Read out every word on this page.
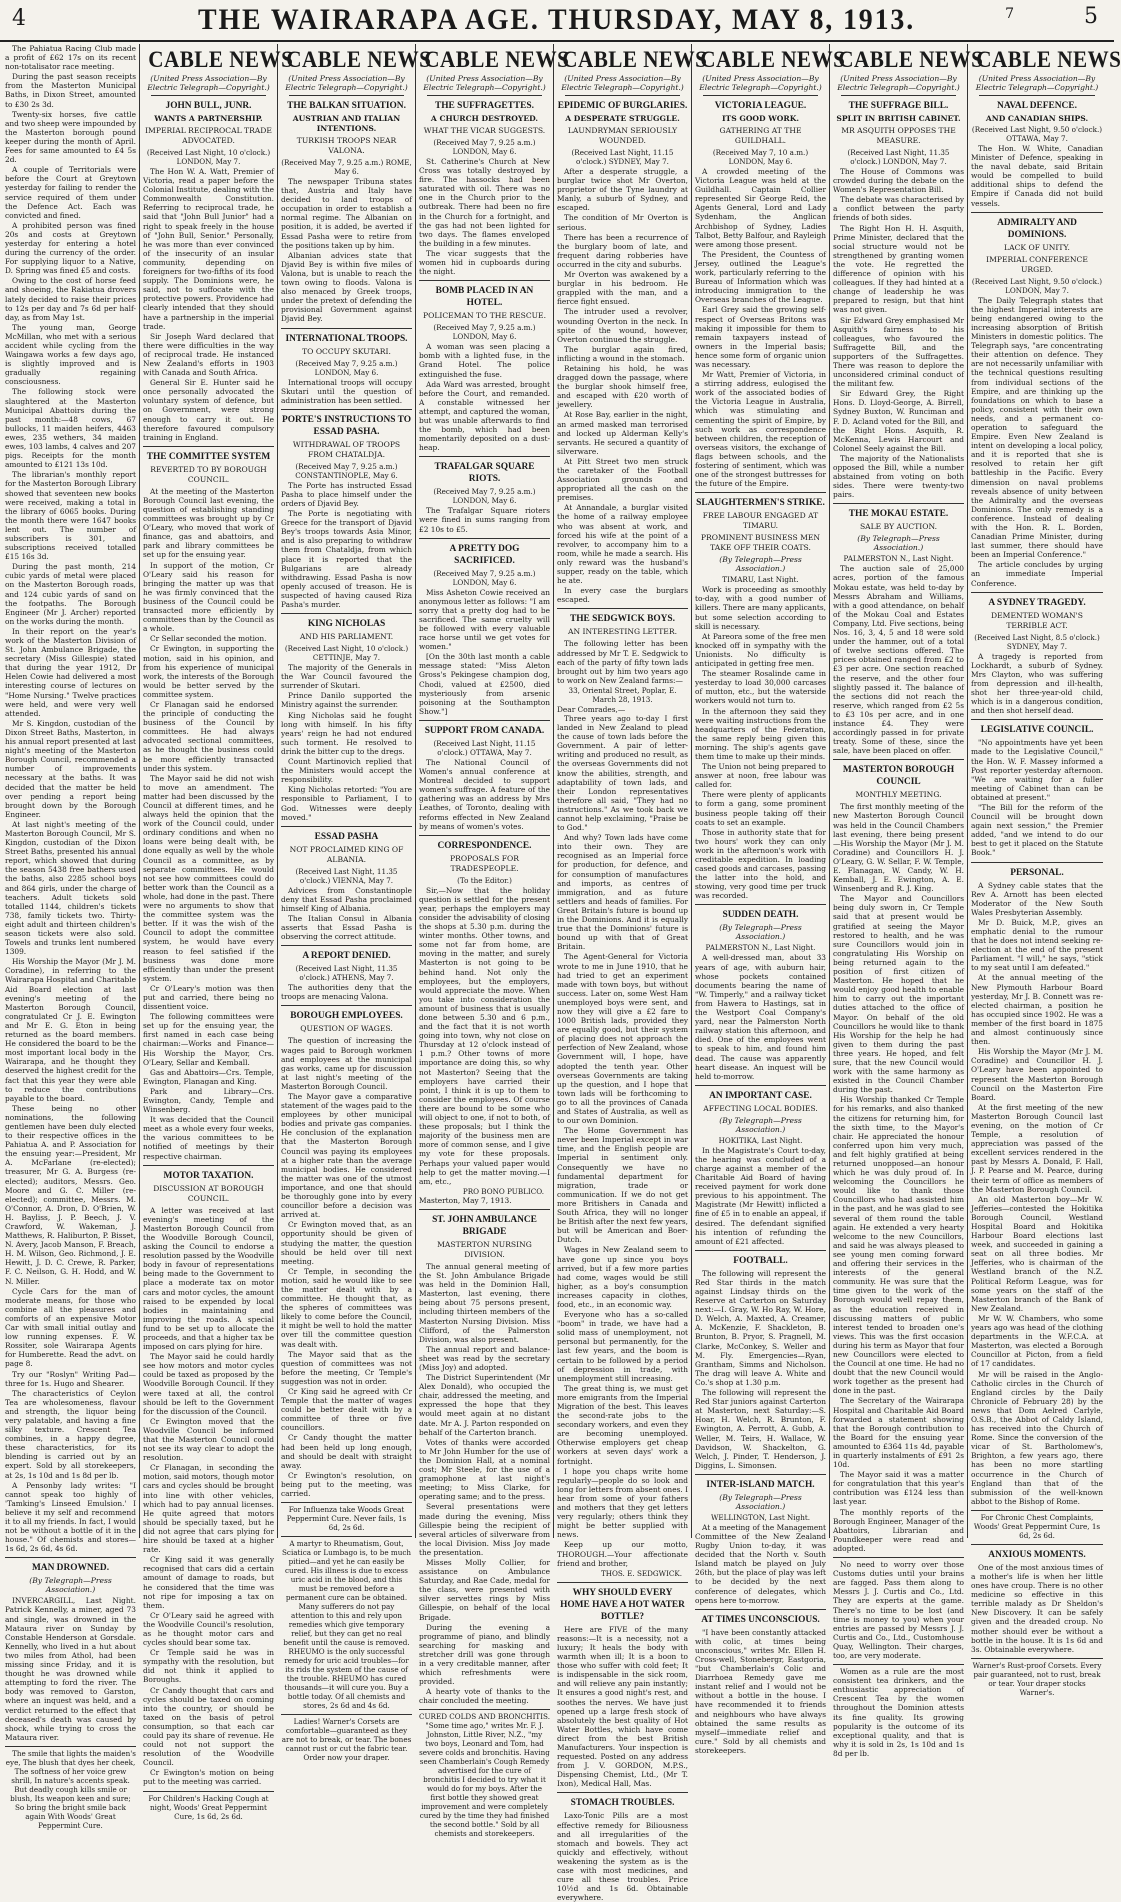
4	THE WAIRARAPA AGE. THURSDAY, MAY 8, 1913.	7	5

The Pahiatua Racing Club made a profit of £62 17s on its recent non-totalisator race meeting.

During the past season receipts from the Masterton Municipal Baths, in Dixon Street, amounted to £30 2s 3d.

Twenty-six horses, five cattle and two sheep were impounded by the Masterton borough pound keeper during the month of April. Fees for same amounted to £4 5s 2d.

A couple of Territorials were before the Court at Greytown yesterday for failing to render the service required of them under the Defence Act. Each was convicted and fined.

A prohibited person was fined 20s and costs at Greytown yesterday for entering a hotel during the currency of the order. For supplying liquor to a Native, D. Spring was fined £5 and costs.

Owing to the cost of horse feed and shoeing, the Rakiatua drovers lately decided to raise their prices to 12s per day and 7s 6d per half-day, as from May 1st.

The young man, George McMillan, who met with a serious accident while cycling from the Waingawa works a few days ago, is slightly improved and is gradually regaining consciousness.

The following stock were slaughtered at the Masterton Municipal Abattoirs during the past month:—48 cows, 67 bullocks, 11 maiden heifers, 4463 ewes, 235 wethers, 34 maiden ewes, 103 lambs, 4 calves and 207 pigs. Receipts for the month amounted to £121 13s 10d.

The librarian's monthly report for the Masterton Borough Library showed that seventeen new books were received, making a total in the library of 6065 books. During the month there were 1647 books lent out. The number of subscribers is 301, and subscriptions received totalled £15 16s 3d.

During the past month, 214 cubic yards of metal were placed on the Masterton Borough roads, and 124 cubic yards of sand on the footpaths. The Borough Engineer (Mr J. Archer) reported on the works during the month.

In their report on the year's work of the Masterton Division of St. John Ambulance Brigade, the secretary (Miss Gillespie) stated that during the year 1912, Dr Helen Cowie had delivered a most interesting course of lectures on "Home Nursing." Twelve practices were held, and were very well attended.

Mr S. Kingdon, custodian of the Dixon Street Baths, Masterton, in his annual report presented at last night's meeting of the Masterton Borough Council, recommended a number of improvements necessary at the baths. It was decided that the matter be held over pending a report being brought down by the Borough Engineer.

At last night's meeting of the Masterton Borough Council, Mr S. Kingdon, custodian of the Dixon Street Baths, presented his annual report, which showed that during the season 5438 free bathers used the baths, also 2285 school boys and 864 girls, under the charge of teachers. Adult tickets sold totalled 1144, children's tickets 738, family tickets two. Thirty-eight adult and thirteen children's season tickets were also sold. Towels and trunks lent numbered 1309.

His Worship the Mayor (Mr J. M. Coradine), in referring to the Wairarapa Hospital and Charitable Aid Board election at last evening's meeting of the Masterton Borough Council, congratulated Cr J. E. Ewington and Mr E. G. Eton in being returned as the board members. He considered the board to be the most important local body in the Wairarapa, and he thought they deserved the highest credit for the fact that this year they were able to reduce the contributions payable to the board.

These being no other nominations, the following gentlemen have been duly elected to their respective offices in the Pahiatua A. and P. Association for the ensuing year:—President, Mr A. McFarlane (re-elected); treasurer, Mr G. A. Burgess (re-elected); auditors, Messrs. Geo. Moore and G. C. Miller (re-elected); committee, Messrs. M. O'Connor, A. Dron, D. O'Brien, W. H. Bayliss, J. P. Beech, J. V. Crawford, W. Wakeman, J. Matthews, R. Haliburton, P. Bisset, N. Avery, Jacob Manson, F. Breach, H. M. Wilson, Geo. Richmond, J. E. Hewitt, J. D. C. Crewe, R. Parker, F. C. Neilson, G. H. Hodd, and W. N. Miller.

Cycle Cars for the man of moderate means, for those who combine all the pleasures and comforts of an expensive Motor Car with small initial outlay and low running expenses. F. W. Rossiter, sole Wairarapa Agents for Humberette. Read the advt. on page 8.

Try our "Roslyn" Writing Pad—three for 1s. Hugo and Shearer.

The characteristics of Ceylon Tea are wholesomeness, flavour and strength, the liquor being very palatable, and having a fine silky texture. Crescent Tea combines, in a happy degree, these characteristics, for its blending is carried out by an expert. Sold by all storekeepers, at 2s, 1s 10d and 1s 8d per lb.

A Pensonby lady writes: "I cannot speak too highly of 'Tamking's Linseed Emulsion.' I believe it my self and recommend it to all my friends. In fact, I would not be without a bottle of it in the house." Of chemists and stores—1s 6d, 2s 6d, 4s 6d.

MAN DROWNED.
(By Telegraph—Press Association.)

INVERCARGILL, Last Night. Patrick Kennelly, a miner, aged 73 and single, was drowned in the Mataura river on Sunday by Constable Henderson at Gorsdale. Kennelly, who lived in a hut about two miles from Athol, had been missing since Friday, and it is thought he was drowned while attempting to ford the river. The body was removed to Garston, where an inquest was held, and a verdict returned to the effect that deceased's death was caused by shock, while trying to cross the Mataura river.

The smile that lights the maiden's eye, The blush that dyes her cheek, The softness of her voice grew shrill, In nature's accents speak. But deadly cough kills smile or blush, Its weapon keen and sure; So bring the bright smile back again With Woods' Great Peppermint Cure.

CABLE NEWS
(United Press Association—By Electric Telegraph—Copyright.)
JOHN BULL, JUNR.
WANTS A PARTNERSHIP.
IMPERIAL RECIPROCAL TRADE ADVOCATED.
(Received Last Night, 10 o'clock.) LONDON, May 7.

The Hon W. A. Watt, Premier of Victoria, read a paper before the Colonial Institute, dealing with the Commonwealth Constitution. Referring to reciprocal trade, he said that "John Bull Junior" had a right to speak freely in the house of "John Bull, Senior." Personally, he was more than ever convinced of the insecurity of an insular community, depending on foreigners for two-fifths of its food supply. The Dominions were, he said, not to suffocate with the protective powers. Providence had clearly intended that they should have a partnership in the imperial trade.

Sir Joseph Ward declared that there were difficulties in the way of reciprocal trade. He instanced New Zealand's efforts in 1903 with Canada and South Africa.

General Sir E. Hunter said he once personally advocated the voluntary system of defence, but on Government, were strong enough to carry it out. He therefore favoured compulsory training in England.

THE COMMITTEE SYSTEM
REVERTED TO BY BOROUGH COUNCIL.

At the meeting of the Masterton Borough Council last evening, the question of establishing standing committees was brought up by Cr O'Leary, who moved that work of finance, gas and abattoirs, and park and library committees be set up for the ensuing year.

In support of the motion, Cr O'Leary said his reason for bringing the matter up was that he was firmly convinced that the business of the Council could be transacted more efficiently by committees than by the Council as a whole.

Cr Sellar seconded the motion.

Cr Ewington, in supporting the motion, said in his opinion, and from his experience of municipal work, the interests of the Borough would be better served by the committee system.

Cr Flanagan said he endorsed the principle of conducting the business of the Council by committees. He had always advocated sectional committees, as he thought the business could be more efficiently transacted under this system.

The Mayor said he did not wish to move an amendment. The matter had been discussed by the Council at different times, and he always held the opinion that the work of the Council could, under ordinary conditions and when no loans were being dealt with, be done equally as well by the whole Council as a committee, as by separate committees. He would not see how committees could do better work than the Council as a whole, had done in the past. There were no arguments to show that the committee system was the better. If it was the wish of the Council to adopt the committee system, he would have every reason to feel satisfied if the business was done more efficiently than under the present system.

Cr O'Leary's motion was then put and carried, there being no dissentient voice.

The following committees were set up for the ensuing year, the first named in each case being chairman:—Works and Finance—His Worship the Mayor, Crs. O'Leary, Sellar and Kemball.

Gas and Abattoirs—Crs. Temple, Ewington, Flanagan and King.

Park and Library—Crs. Ewington, Candy, Temple and Winsenberg.

It was decided that the Council meet as a whole every four weeks, the various committees to be notified of meetings by their respective chairman.

MOTOR TAXATION.
DISCUSSION AT BOROUGH COUNCIL.

A letter was received at last evening's meeting of the Masterton Borough Council from the Woodville Borough Council, asking the Council to endorse a resolution passed by the Woodville body in favour of representations being made to the Government to place a moderate tax on motor cars and motor cycles, the amount raised to be expended by local bodies in maintaining and improving the roads. A special fund to be set up to allocate the proceeds, and that a higher tax be imposed on cars plying for hire.

The Mayor said he could hardly see how motors and motor cycles could be taxed as proposed by the Woodville Borough Council. If they were taxed at all, the control should be left to the Government for the discussion of the Council.

Cr Ewington moved that the Woodville Council be informed that the Masterton Council could not see its way clear to adopt the resolution.

Cr Flanagan, in seconding the motion, said motors, though motor cars and cycles should be brought into line with other vehicles, which had to pay annual licenses. He quite agreed that motors should be specially taxed, but he did not agree that cars plying for hire should be taxed at a higher rate.

Cr King said it was generally recognised that cars did a certain amount of damage to roads, but he considered that the time was not ripe for imposing a tax on them.

Cr O'Leary said he agreed with the Woodville Council's resolution, as he thought motor cars and cycles should bear some tax.

Cr Temple said he was in sympathy with the resolution, but did not think it applied to Boroughs.

Cr Candy thought that cars and cycles should be taxed on coming into the country, or should be taxed on the basis of petrol consumption, so that each car could pay its share of revenue. He could not not support the resolution of the Woodville Council.

Cr Ewington's motion on being put to the meeting was carried.

For Children's Hacking Cough at night, Woods' Great Peppermint Cure, 1s 6d, 2s 6d.
CABLE NEWS
(United Press Association—By Electric Telegraph—Copyright.)
THE BALKAN SITUATION.
AUSTRIAN AND ITALIAN INTENTIONS.
TURKISH TROOPS NEAR VALONA.
(Received May 7, 9.25 a.m.) ROME, May 6.

The newspaper Tribuna states that, Austria and Italy have decided to land troops of occupation in order to establish a normal regime. The Albanian on position, it is added, be averted if Essad Pasha were to retire from the positions taken up by him.

Albanian advices state that Djavid Bey is within five miles of Valona, but is unable to reach the town owing to floods. Valona is also menaced by Greek troops, under the pretext of defending the provisional Government against Djavid Bey.

INTERNATIONAL TROOPS.
TO OCCUPY SKUTARI.
(Received May 7, 9.25 a.m.) LONDON, May 6.

International troops will occupy Skutari until the question of administration has been settled.

PORTE'S INSTRUCTIONS TO ESSAD PASHA.
WITHDRAWAL OF TROOPS FROM CHATALDJA.
(Received May 7, 9.25 a.m.) CONSTANTINOPLE, May 6.

The Porte has instructed Essad Pasha to place himself under the orders of Djavid Bey.

The Porte is negotiating with Greece for the transport of Djavid Bey's troops towards Asia Minor, and is also preparing to withdraw them from Chataldja, from which place it is reported that the Bulgarians are already withdrawing. Essad Pasha is now openly accused of treason. He is suspected of having caused Riza Pasha's murder.

KING NICHOLAS
AND HIS PARLIAMENT.
(Received Last Night, 10 o'clock.) CETTINJE, May 7.

The majority of the Generals in the War Council favoured the surrender of Skutari.

Prince Danilo supported the Ministry against the surrender.

King Nicholas said he fought long with himself. In his fifty years' reign he had not endured such torment. He resolved to drink the bitter cup to the dregs.

Count Martinovich replied that the Ministers would accept the responsibility.

King Nicholas retorted: "You are responsible to Parliament, I to God. Witnesses were deeply moved."

ESSAD PASHA
NOT PROCLAIMED KING OF ALBANIA.
(Received Last Night, 11.35 o'clock.) VIENNA, May 7.

Advices from Constantinople deny that Essad Pasha proclaimed himself King of Albania.

The Italian Consul in Albania asserts that Essad Pasha is observing the correct attitude.

A REPORT DENIED.
(Received Last Night, 11.35 o'clock.) ATHENS, May 7.

The authorities deny that the troops are menacing Valona.

BOROUGH EMPLOYEES.
QUESTION OF WAGES.

The question of increasing the wages paid to Borough workmen and employees at the municipal gas works, came up for discussion at last night's meeting of the Masterton Borough Council.

The Mayor gave a comparative statement of the wages paid to the employees by other municipal bodies and private gas companies. He conclusion of the explanation that the Masterton Borough Council was paying its employees at a higher rate than the average municipal bodies. He considered the matter was one of the utmost importance, and one that should be thoroughly gone into by every councillor before a decision was arrived at.

Cr Ewington moved that, as an opportunity should be given of studying the matter, the question should be held over till next meeting.

Cr Temple, in seconding the motion, said he would like to see the matter dealt with by a committee. He thought that, as the spheres of committees was likely to come before the Council, it might be well to hold the matter over till the committee question was dealt with.

The Mayor said that as the question of committees was not before the meeting, Cr Temple's suggestion was not in order.

Cr King said he agreed with Cr Temple that the matter of wages could be better dealt with by a committee of three or five councillors.

Cr Candy thought the matter had been held up long enough, and should be dealt with straight away.

Cr Ewington's resolution, on being put to the meeting, was carried.

For Influenza take Woods Great Peppermint Cure. Never fails, 1s 6d, 2s 6d.
A martyr to Rheumatism, Gout, Sciatica or Lumbago is, to be much pitied—and yet he can easily be cured. His illness is due to excess uric acid in the blood, and this must be removed before a permanent cure can be obtained. Many sufferers do not pay attention to this and rely upon remedies which give temporary relief, but they can get no real benefit until the cause is removed. RHEUMO is the only successful remedy for uric acid troubles—for its rids the system of the cause of the trouble. RHEUMO has cured thousands—it will cure you. Buy a bottle today. Of all chemists and stores, 2s 6d and 4s 6d.
Ladies! Warner's Corsets are comfortable—guaranteed as they are not to break, or tear. The bones cannot rust or cut the fabric tear. Order now your draper.
CABLE NEWS
(United Press Association—By Electric Telegraph—Copyright.)
THE SUFFRAGETTES.
A CHURCH DESTROYED.
WHAT THE VICAR SUGGESTS.
(Received May 7, 9.25 a.m.) LONDON, May 6.

St. Catherine's Church at New Cross was totally destroyed by fire. The hassocks had been saturated with oil. There was no one in the Church prior to the outbreak. There had been no fire in the Church for a fortnight, and the gas had not been lighted for two days. The flames enveloped the building in a few minutes.

The vicar suggests that the women hid in cupboards during the night.

BOMB PLACED IN AN HOTEL.
POLICEMAN TO THE RESCUE.
(Received May 7, 9.25 a.m.) LONDON, May 6.

A woman was seen placing a bomb with a lighted fuse, in the Grand Hotel. The police extinguished the fuse.

Ada Ward was arrested, brought before the Court, and remanded. A constable witnessed her attempt, and captured the woman, but was unable afterwards to find the bomb, which had been momentarily deposited on a dust-heap.

TRAFALGAR SQUARE RIOTS.
(Received May 7, 9.25 a.m.) LONDON, May 6.

The Trafalgar Square rioters were fined in sums ranging from £2 10s to £5.

A PRETTY DOG SACRIFICED.
(Received May 7, 9.25 a.m.) LONDON, May 6.

Miss Asheton Cowie received an anonymous letter as follows: "I am sorry that a pretty dog had to be sacrificed. The same cruelty will be followed with every valuable race horse until we get votes for women."

[On the 30th last month a cable message stated: "Miss Aleton Gross's Pekingese champion dog, Chodi, valued at £2500, died mysteriously from arsenic poisoning at the Southampton Show."]

SUPPORT FROM CANADA.
(Received Last Night, 11.15 o'clock.) OTTAWA, May 7.

The National Council of Women's annual conference at Montreal decided to support women's suffrage. A feature of the gathering was an address by Mrs Leathes, of Toronto, dealing with reforms effected in New Zealand by means of women's votes.

CORRESPONDENCE.
PROPOSALS FOR TRADESPEOPLE.
(To the Editor.)

Sir,—Now that the holiday question is settled for the present year, perhaps the employers may consider the advisability of closing the shops at 5.30 p.m. during the winter months. Other towns, and some not far from home, are moving in the matter, and surely Masterton is not going to be behind hand. Not only the employees, but the employers, would appreciate the move. When you take into consideration the amount of business that is usually done between 5.30 and 6 p.m., and the fact that it is not worth going into town, why not close on Thursday at 12 o'clock instead of 1 p.m.? Other towns of more importance are doing this, so why not Masterton? Seeing that the employers have carried their point, I think it is up to them to consider the employees. Of course there are bound to be some who will object to one, if not to both, of these proposals; but I think the majority of the business men are more of common sense, and I give my vote for these proposals. Perhaps your valued paper would help to get the matter moving.—I am, etc.,

PRO BONO PUBLICO.
Masterton, May 7, 1913.
ST. JOHN AMBULANCE BRIGADE
MASTERTON NURSING DIVISION.

The annual general meeting of the St. John Ambulance Brigade was held in the Dominion Hall, Masterton, last evening, there being about 75 persons present, including thirteen members of the Masterton Nursing Division. Miss Clifford, of the Palmerston Division, was also present.

The annual report and balance-sheet was read by the secretary (Miss Joy) and adopted.

The District Superintendent (Mr Alex Donald), who occupied the chair, addressed the meeting, and expressed the hope that they would meet again at no distant date. Mr A. J. Parton responded on behalf of the Carterton branch.

Votes of thanks were accorded to Mr John Humber for the use of the Dominion Hall, at a nominal cost; Mr Steele, for the use of a gramophone at last night's meeting; to Miss Clarke, for operating same; and to the press.

Several presentations were made during the evening, Miss Gillespie being the recipient of several articles of silverware from the local Division. Miss Joy made the presentation.

Misses Molly Collier, for assistance on Ambulance Saturday, and Rae Cade, medal for the class, were presented with silver servettes rings by Miss Gillespie, on behalf of the local Brigade.

During the evening a programme of piano, and blindly searching for masking and stretcher drill was gone through in a very creditable manner, after which refreshments were provided.

A hearty vote of thanks to the chair concluded the meeting.

CURED COLDS AND BRONCHITIS. "Some time ago," writes Mr. F. J. Johnston, Little River, N.Z., "my two boys, Leonard and Tom, had severe colds and bronchitis. Having seen Chamberlain's Cough Remedy advertised for the cure of bronchitis I decided to try what it would do for my boys. After the first bottle they showed great improvement and were completely cured by the time they had finished the second bottle." Sold by all chemists and storekeepers.
CABLE NEWS
(United Press Association—By Electric Telegraph—Copyright.)
EPIDEMIC OF BURGLARIES.
A DESPERATE STRUGGLE.
LAUNDRYMAN SERIOUSLY WOUNDED.
(Received Last Night, 11.15 o'clock.) SYDNEY, May 7.

After a desperate struggle, a burglar twice shot Mr Overton, proprietor of the Tyne laundry at Manly, a suburb of Sydney, and escaped.

The condition of Mr Overton is serious.

There has been a recurrence of the burglary boom of late, and frequent daring robberies have occurred in the city and suburbs.

Mr Overton was awakened by a burglar in his bedroom. He grappled with the man, and a fierce fight ensued.

The intruder used a revolver, wounding Overton in the neck. In spite of the wound, however, Overton continued the struggle.

The burglar again fired, inflicting a wound in the stomach.

Retaining his hold, he was dragged down the passage, where the burglar shook himself free, and escaped with £20 worth of jewellery.

At Rose Bay, earlier in the night, an armed masked man terrorised and locked up Alderman Kelly's servants. He secured a quantity of silverware.

At Pitt Street two men struck the caretaker of the Football Association grounds and appropriated all the cash on the premises.

At Annandale, a burglar visited the home of a railway employee who was absent at work, and forced his wife at the point of a revolver, to accompany him to a room, while he made a search. His only reward was the husband's supper, ready on the table, which he ate.

In every case the burglars escaped.

THE SEDGWICK BOYS.
AN INTERESTING LETTER.

The following letter has been addressed by Mr T. E. Sedgwick to each of the party of fifty town lads brought out by him two years ago to work on New Zealand farms:—

33, Oriental Street, Poplar, E. March 28, 1913.
Dear Comrades,—

Three years ago to-day I first landed in New Zealand to plead the cause of town lads before the Government. A pair of letter-writing and produced no result, as the overseas Governments did not know the abilities, strength, and adaptability of town lads, and their London representatives therefore all said, "They had no instructions." As we took back we cannot help exclaiming, "Praise be to God."

And why? Town lads have come into their own. They are recognised as an Imperial force for production, for defence, and for consumption of manufactures and imports, as centres of immigration, and as future settlers and heads of families. For Great Britain's future is bound up in the Dominions. And it is equally true that the Dominions' future is bound up with that of Great Britain.

The Agent-General for Victoria wrote to me in June 1910, that he had tried to get an experiment made with town boys, but without success. Later on, some West Ham unemployed boys were sent, and now they will give a £2 fare to 1000 British lads, provided they are equally good, but their system of placing does not approach the perfection of New Zealand, whose Government will, I hope, have adopted the tenth year. Other overseas Governments are taking up the question, and I hope that town lads will be forthcoming to go to all the provinces of Canada and States of Australia, as well as to our own Dominion.

The Home Government has never been Imperial except in war time, and the English people are Imperial in sentiment only. Consequently we have no fundamental department for migration, trade or communication. If we do not get more Britishers in Canada and South Africa, they will no longer be British after the next few years, but will be American and Boer-Dutch.

Wages in New Zealand seem to have gone up since you boys arrived, but if a few more parties had come, wages would be still higher, as a boy's consumption increases capacity in clothes, food, etc., in an economic way.

Everyone who has a so-called "boom" in trade, we have had a solid mass of unemployment, not personal but permanently, for the last few years, and the boom is certain to be followed by a period of depression in trade, with unemployment still increasing.

The great thing is, we must get more emigrants from the Imperial Migration of the best. This leaves the second-rate jobs to the secondary workers, and even they are becoming unemployed. Otherwise employers get cheap workers at seven days' work a fortnight.

I hope you chaps write home regularly—people do so look and long for letters from absent ones. I hear from some of your fathers and mothers that they get letters very regularly; others think they might be better supplied with news.

Keep up our motto, THOROUGH.—Your affectionate friend and brother,

THOS. E. SEDGWICK.
WHY SHOULD EVERY HOME HAVE A HOT WATER BOTTLE?

Here are FIVE of the many reasons:—It is a necessity, not a luxury; It heals the body with warmth when ill; It is a boon to those who suffer with cold feet; It is indispensable in the sick room, and will relieve any pain instantly; It ensures a good night's rest, and soothes the nerves. We have just opened up a large fresh stock of absolutely the best quality of Hot Water Bottles, which have come direct from the best British Manufacturers. Your inspection is requested. Posted on any address from J. V. GORDON, M.P.S., Dispensing Chemist, Ltd., (Mr T. Ixon), Medical Hall, Mas.

STOMACH TROUBLES.

Laxo-Tonic Pills are a most effective remedy for Biliousness and all irregularities of the stomach and bowels. They act quickly and effectively, without weakening the system as is the case with most medicines, and cure all these troubles. Price 10½d and 1s 6d. Obtainable everywhere.

CABLE NEWS
(United Press Association—By Electric Telegraph—Copyright.)
VICTORIA LEAGUE.
ITS GOOD WORK.
GATHERING AT THE GUILDHALL.
(Received May 7, 10 a.m.) LONDON, May 6.

A crowded meeting of the Victoria League was held at the Guildhall. Captain Collier represented Sir George Reid, the Agents General, Lord and Lady Sydenham, the Anglican Archbishop of Sydney, Ladies Talbot, Betty Balfour, and Rayleigh were among those present.

The President, the Countess of Jersey, outlined the League's work, particularly referring to the Bureau of Information which was introducing immigration to the Overseas branches of the League.

Earl Grey said the growing self-respect of Overseas Britons was making it impossible for them to remain taxpayers instead of owners in the Imperial basis; hence some form of organic union was necessary.

Mr Watt, Premier of Victoria, in a stirring address, eulogised the work of the associated bodies of the Victoria League in Australia, which was stimulating and cementing the spirit of Empire, by such work as correspondence between children, the reception of overseas visitors, the exchange of flags between schools, and the fostering of sentiment, which was one of the strongest buttresses for the future of the Empire.

SLAUGHTERMEN'S STRIKE.
FREE LABOUR ENGAGED AT TIMARU.
PROMINENT BUSINESS MEN TAKE OFF THEIR COATS.
(By Telegraph—Press Association.)
TIMARU, Last Night.

Work is proceeding as smoothly to-day, with a good number of killers. There are many applicants, but some selection according to skill is necessary.

At Pareora some of the free men knocked off in sympathy with the Unionists. No difficulty is anticipated in getting free men.

The steamer Rosalinde came in yesterday to load 30,000 carcases of mutton, etc., but the waterside workers would not turn to.

In the afternoon they said they were waiting instructions from the headquarters of the Federation, the same reply being given this morning. The ship's agents gave them time to make up their minds.

The Union not being prepared to answer at noon, free labour was called for.

There were plenty of applicants to form a gang, some prominent business people taking off their coats to set an example.

Those in authority state that for two hours' work they can only work in the afternoon's work with creditable expedition. In loading cased goods and carcases, passing the latter into the hold, and stowing, very good time per truck was recorded.

SUDDEN DEATH.
(By Telegraph—Press Association.)
PALMERSTON N., Last Night.

A well-dressed man, about 33 years of age, with auburn hair, whose pockets contained documents bearing the name of "W. Timperly," and a railway ticket from Hawera to Hastings, sat in the Westport Coal Company's yard, near the Palmerston North railway station this afternoon, and died. One of the employees went to speak to him, and found him dead. The cause was apparently heart disease. An inquest will be held to-morrow.

AN IMPORTANT CASE.
AFFECTING LOCAL BODIES.
(By Telegraph—Press Association.)
HOKITIKA, Last Night.

In the Magistrate's Court to-day, the hearing was concluded of a charge against a member of the Charitable Aid Board of having received payment for work done previous to his appointment. The Magistrate (Mr Hewitt) inflicted a fine of £5 in to enable an appeal, if desired. The defendant signified his intention of refunding the amount of £21 affected.

FOOTBALL.

The following will represent the Red Star thirds in the match against Lindsay thirds on the Reserve at Carterton on Saturday next:—I. Gray, W. Ho Ray, W. Hore, D. Welch, A. Maxted, A. Creamer, A. McKenzie, F. Shackleton, B. Brunton, B. Pryor, S. Pragnell, M. Clarke, McConkey, S. Weller and M. Fly. Emergencies—Ryan, Grantham, Simms and Nicholson. The drag will leave A. White and Co.'s shop at 1.30 p.m.

The following will represent the Red Star juniors against Carterton at Masterton, next Saturday:—S. Hoar, H. Welch, R. Brunton, F. Ewington, A. Perrott, A. Gubb, A. Weller, M. Teirs, H. Wallace, W. Davidson, W. Shackelton, G. Welch, J. Pinder, T. Henderson, J. Diggins, L. Simonsen.

INTER-ISLAND MATCH.
(By Telegraph—Press Association.)
WELLINGTON, Last Night.

At a meeting of the Management Committee of the New Zealand Rugby Union to-day, it was decided that the North v. South Island match be played on July 26th, but the place of play was left to be decided by the next conference of delegates, which opens here to-morrow.

AT TIMES UNCONSCIOUS.

"I have been constantly attacked with colic, at times being unconscious," writes Mr. Ellen H. Cross-well, Stonebergr, Eastgoria, "but Chamberlain's Colic and Diarrhoea Remedy gave me instant relief and I would not be without a bottle in the house. I have recommended it to friends and neighbours who have always obtained the same results as myself—immediate relief and cure." Sold by all chemists and storekeepers.

CABLE NEWS
(United Press Association—By Electric Telegraph—Copyright.)
THE SUFFRAGE BILL.
SPLIT IN BRITISH CABINET.
MR ASQUITH OPPOSES THE MEASURE.
(Received Last Night, 11.35 o'clock.) LONDON, May 7.

The House of Commons was crowded during the debate on the Women's Representation Bill.

The debate was characterised by a conflict between the party friends of both sides.

The Right Hon H. H. Asquith, Prime Minister, declared that the social structure would not be strengthened by granting women the vote. He regretted the difference of opinion with his colleagues. If they had hinted at a change of leadership he was prepared to resign, but that hint was not given.

Sir Edward Grey emphasised Mr Asquith's fairness to his colleagues, who favoured the Suffragette Bill, and the supporters of the Suffragettes. There was reason to deplore the unconsidered criminal conduct of the militant few.

Sir Edward Grey, the Right Hons. D. Lloyd-George, A. Birrell, Sydney Buxton, W. Runciman and F. D. Acland voted for the Bill, and the Right Hons. Asquith, R. McKenna, Lewis Harcourt and Colonel Seely against the Bill.

The majority of the Nationalists opposed the Bill, while a number abstained from voting on both sides. There were twenty-two pairs.

THE MOKAU ESTATE.
SALE BY AUCTION.
(By Telegraph—Press Association.)
PALMERSTON N., Last Night.

The auction sale of 25,000 acres, portion of the famous Mokau estate, was held to-day by Messrs Abraham and Williams, with a good attendance, on behalf of the Mokau Coal and Estates Company, Ltd. Five sections, being Nos. 16, 3, 4, 5 and 18 were sold under the hammer, out of a total of twelve sections offered. The prices obtained ranged from £2 to £3 per acre. One section reached the reserve, and the other four slightly passed it. The balance of the sections did not reach the reserve, which ranged from £2 5s to £3 10s per acre, and in one instance £4. They were accordingly passed in for private treaty. Some of these, since the sale, have been placed on offer.

MASTERTON BOROUGH COUNCIL
MONTHLY MEETING.

The first monthly meeting of the new Masterton Borough Council was held in the Council Chambers last evening, there being present—His Worship the Mayor (Mr J. M. Coradine) and Councillors H. J. O'Leary, G. W. Sellar, F. W. Temple, E. Flanagan, W. Candy, W. H. Kemball, J. E. Ewington, A. E. Winsenberg and R. J. King.

The Mayor and Councillors being duly sworn in, Cr Temple said that at present would be gratified at seeing the Mayor restored to health, and he was sure Councillors would join in congratulating His Worship on being returned again to the position of first citizen of Masterton. He hoped that he would enjoy good health to enable him to carry out the important duties attached to the office of Mayor. On behalf of the old Councillors he would like to thank His Worship for the help he had given to them during the past three years. He hoped, and felt sure, that the new Council would work with the same harmony as existed in the Council Chamber during the past.

His Worship thanked Cr Temple for his remarks, and also thanked the citizens for returning him, for the sixth time, to the Mayor's chair. He appreciated the honour conferred upon him very much, and felt highly gratified at being returned unopposed—an honour which he was duly proud of. In welcoming the Councillors he would like to thank those Councillors who had assisted him in the past, and he was glad to see several of them round the table again. He extended a very hearty welcome to the new Councillors, and said he was always pleased to see young men coming forward and offering their services in the interests of the general community. He was sure that the time given to the work of the Borough would well repay them, as the education received in discussing matters of public interest tended to broaden one's views. This was the first occasion during his term as Mayor that four new Councillors were elected to the Council at one time. He had no doubt that the new Council would work together as the present had done in the past.

The Secretary of the Wairarapa Hospital and Charitable Aid Board forwarded a statement showing that the Borough contribution to the Board for the ensuing year amounted to £364 11s 4d, payable in quarterly instalments of £91 2s 10d.

The Mayor said it was a matter for congratulation that this year's contribution was £124 less than last year.

The monthly reports of the Borough Engineer, Manager of the Abattoirs, Librarian and Poundkeeper were read and adopted.

No need to worry over those Customs duties until your brains are fagged. Pass them along to Messrs J. J. Curtis and Co., Ltd. They are experts at the game. There's no time to be lost (and time is money to you) when your entries are passed by Messrs J. J. Curtis and Co., Ltd., Customhouse Quay, Wellington. Their charges, too, are very moderate.

Women as a rule are the most consistent tea drinkers, and the enthusiastic appreciation of Crescent Tea by the women throughout the Dominion attests its fine quality. Its growing popularity is the outcome of its exceptional quality, and that is why it is sold in 2s, 1s 10d and 1s 8d per lb.

CABLE NEWS
(United Press Association—By Electric Telegraph—Copyright.)
NAVAL DEFENCE.
AND CANADIAN SHIPS.
(Received Last Night, 9.50 o'clock.) OTTAWA, May 7.

The Hon. W. White, Canadian Minister of Defence, speaking in the naval debate, said Britain would be compelled to build additional ships to defend the Empire if Canada did not build vessels.

ADMIRALTY AND DOMINIONS.
LACK OF UNITY.
IMPERIAL CONFERENCE URGED.
(Received Last Night, 9.50 o'clock.) LONDON, May 7.

The Daily Telegraph states that the highest Imperial interests are being endangered owing to the increasing absorption of British Ministers in domestic politics. The Telegraph says, "are concentrating their attention on defence. They are not necessarily unfamiliar with the technical questions resulting from individual sections of the Empire, and are thinking up the foundations on which to base a policy, consistent with their own needs, and a permanent co-operation to safeguard the Empire. Even New Zealand is intent on developing a local policy, and it is reported that she is resolved to retain her gift battleship in the Pacific. Every dimension on naval problems reveals absence of unity between the Admiralty and the overseas Dominions. The only remedy is a conference. Instead of dealing with the Hon. R. L. Borden, Canadian Prime Minister, during last summer, there should have been an Imperial Conference."

The article concludes by urging an immediate Imperial Conference.

A SYDNEY TRAGEDY.
DEMENTED WOMAN'S TERRIBLE ACT.
(Received Last Night, 8.5 o'clock.) SYDNEY, May 7.

A tragedy is reported from Lockhardt, a suburb of Sydney. Mrs Clayton, who was suffering from depression and ill-health, shot her three-year-old child, which is in a dangerous condition, and then shot herself dead.

LEGISLATIVE COUNCIL.

"No appointments have yet been made to the Legislative Council," the Hon. W. F. Massey informed a Post reporter yesterday afternoon. "We are waiting for a fuller meeting of Cabinet than can be obtained at present."

"The Bill for the reform of the Council will be brought down again next session," the Premier added, "and we intend to do our best to get it placed on the Statute Book."

PERSONAL.

A Sydney cable states that the Rev A. Arnott has been elected Moderator of the New South Wales Presbyterian Assembly.

Mr D. Buick, M.P., gives an emphatic denial to the rumour that he does not intend seeking re-election at the end of the present Parliament. "I will," he says, "stick to my seat until I am defeated."

At the annual meeting of the New Plymouth Harbour Board yesterday, Mr J. B. Connett was re-elected chairman, a position he has occupied since 1902. He was a member of the first board in 1875 and almost continuously since then.

His Worship the Mayor (Mr J. M. Coradine) and Councillor H. J. O'Leary have been appointed to represent the Masterton Borough Council on the Masterton Fire Board.

At the first meeting of the new Masterton Borough Council last evening, on the motion of Cr Temple, a resolution of appreciation was passed of the excellent services rendered in the past by Messrs A. Donald, F. Hall, J. P. Pearse and M. Pearce, during their term of office as members of the Masterton Borough Council.

An old Masterton boy—Mr W. Jefferies—contested the Hokitika Borough Council, Westland Hospital Board and Hokitika Harbour Board elections last week, and succeeded in gaining a seat on all three bodies. Mr Jefferies, who is chairman of the Westland branch of the N.Z. Political Reform League, was for some years on the staff of the Masterton branch of the Bank of New Zealand.

Mr W. W. Chambers, who some years ago was head of the clothing departments in the W.F.C.A. at Masterton, was elected a Borough Councillor at Picton, from a field of 17 candidates.

Mr will be raised in the Anglo-Catholic circles in the Church of England circles by the Daily Chronicle of February 28) by the news that Dom Aelred Carlyle, O.S.B., the Abbot of Caldy Island, has received into the Church of Rome. Since the conversion of the vicar of St. Bartholomew's, Brighton, a few years ago, there has been no more startling occurrence in the Church of England than that of the submission of the well-known abbot to the Bishop of Rome.

For Chronic Chest Complaints, Woods' Great Peppermint Cure, 1s 6d, 2s 6d.
ANXIOUS MOMENTS.

One of the most anxious times of a mother's life is when her little ones have croup. There is no other medicine so effective in this terrible malady as Dr Sheldon's New Discovery. It can be safely given and the dreaded croup. No mother should ever be without a bottle in the house. It is 1s 6d and 3s. Obtainable everywhere.

Warner's Rust-proof Corsets. Every pair guaranteed, not to rust, break or tear. Your draper stocks Warner's.
